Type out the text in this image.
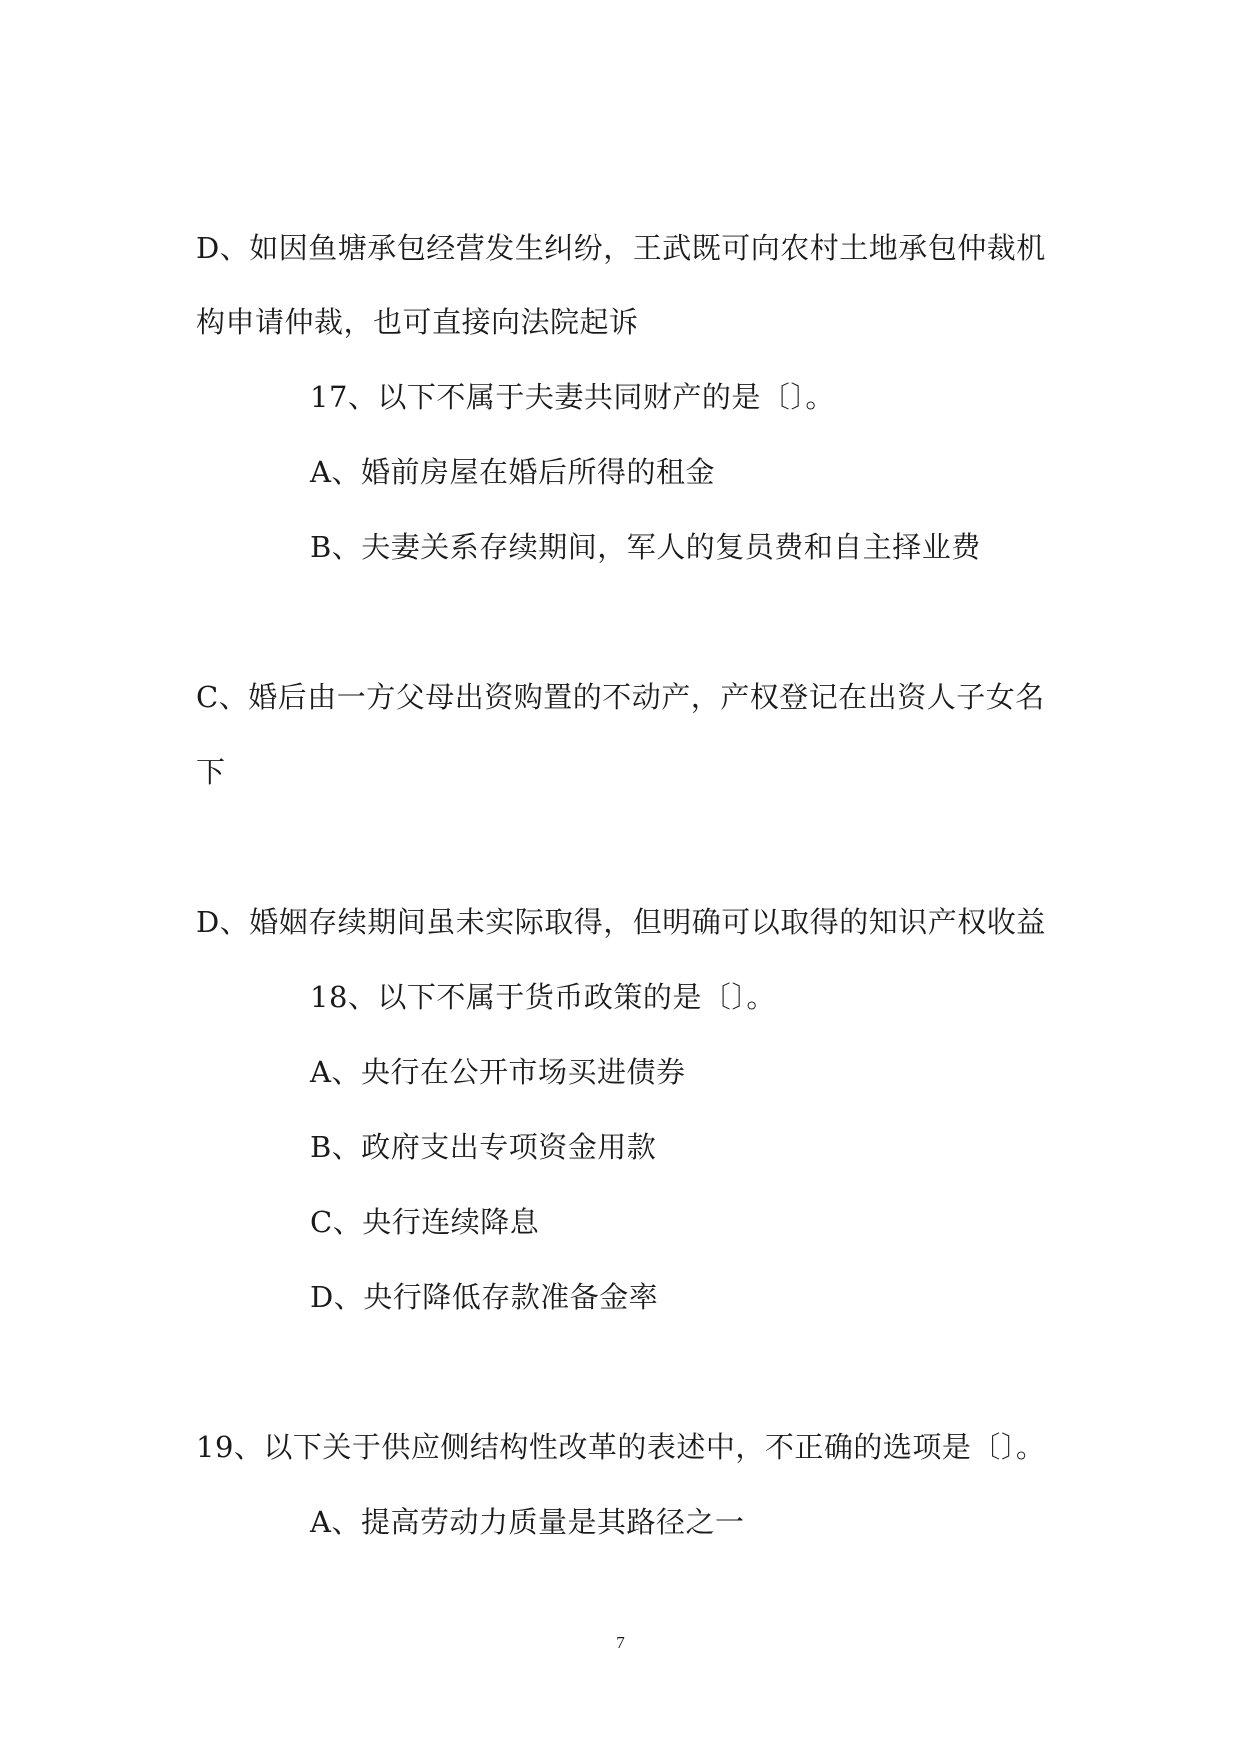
D、如因鱼塘承包经营发生纠纷，王武既可向农村土地承包仲裁机
构申请仲裁，也可直接向法院起诉
17、以下不属于夫妻共同财产的是〔〕。
A、婚前房屋在婚后所得的租金
B、夫妻关系存续期间，军人的复员费和自主择业费
C、婚后由一方父母出资购置的不动产，产权登记在出资人子女名
下
D、婚姻存续期间虽未实际取得，但明确可以取得的知识产权收益
18、以下不属于货币政策的是〔〕。
A、央行在公开市场买进债券
B、政府支出专项资金用款
C、央行连续降息
D、央行降低存款准备金率
19、以下关于供应侧结构性改革的表述中，不正确的选项是〔〕。
A、提高劳动力质量是其路径之一
7
